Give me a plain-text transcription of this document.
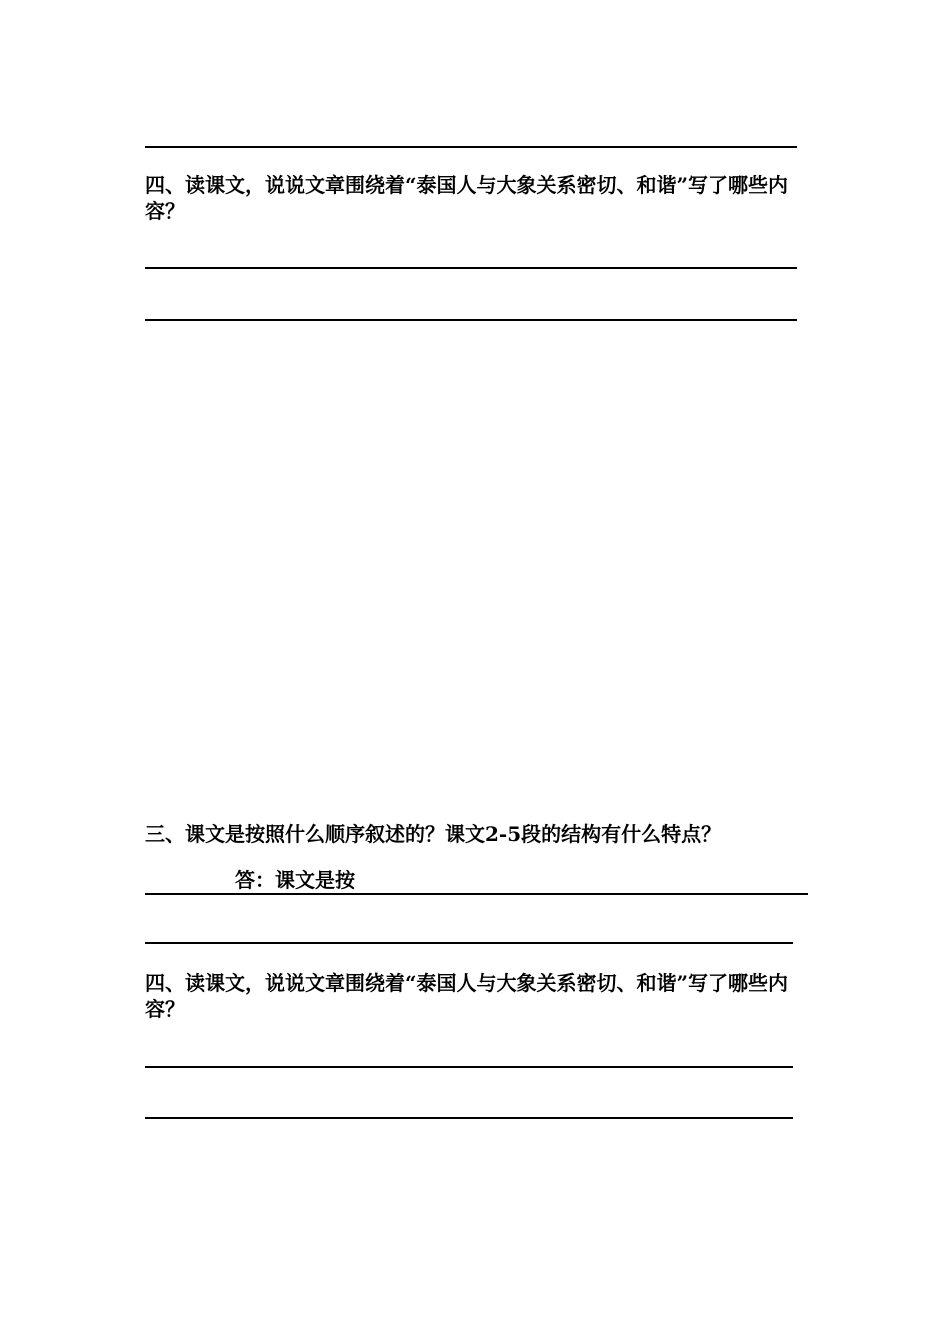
四、读课文，说说文章围绕着“泰国人与大象关系密切、和谐”写了哪些内容？
三、课文是按照什么顺序叙述的？课文2-5段的结构有什么特点？
答：课文是按
四、读课文，说说文章围绕着“泰国人与大象关系密切、和谐”写了哪些内容？
